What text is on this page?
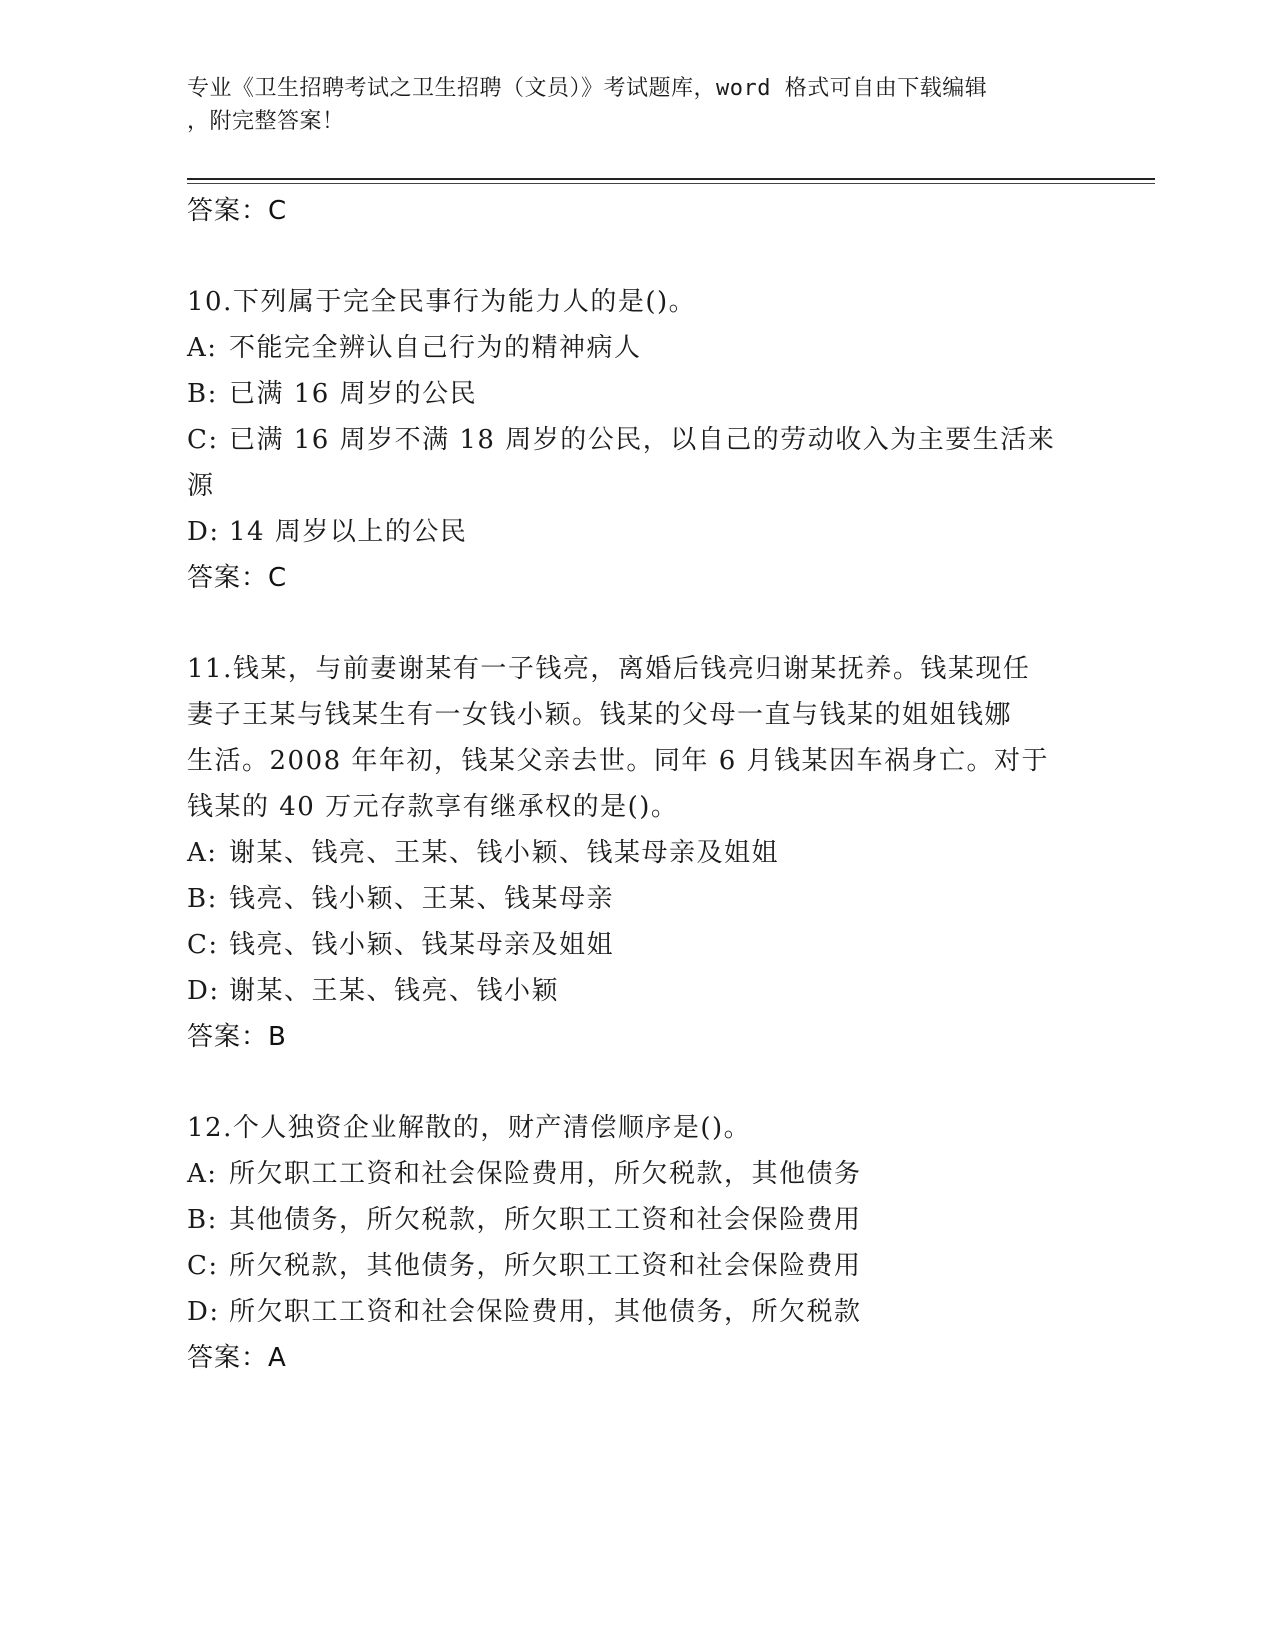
专业《卫生招聘考试之卫生招聘（文员）》考试题库，word 格式可自由下载编辑
，附完整答案！
答案：C
10.下列属于完全民事行为能力人的是()。
A: 不能完全辨认自己行为的精神病人
B: 已满 16 周岁的公民
C: 已满 16 周岁不满 18 周岁的公民，以自己的劳动收入为主要生活来
源
D: 14 周岁以上的公民
答案：C
11.钱某，与前妻谢某有一子钱亮，离婚后钱亮归谢某抚养。钱某现任
妻子王某与钱某生有一女钱小颖。钱某的父母一直与钱某的姐姐钱娜
生活。2008 年年初，钱某父亲去世。同年 6 月钱某因车祸身亡。对于
钱某的 40 万元存款享有继承权的是()。
A: 谢某、钱亮、王某、钱小颖、钱某母亲及姐姐
B: 钱亮、钱小颖、王某、钱某母亲
C: 钱亮、钱小颖、钱某母亲及姐姐
D: 谢某、王某、钱亮、钱小颖
答案：B
12.个人独资企业解散的，财产清偿顺序是()。
A: 所欠职工工资和社会保险费用，所欠税款，其他债务
B: 其他债务，所欠税款，所欠职工工资和社会保险费用
C: 所欠税款，其他债务，所欠职工工资和社会保险费用
D: 所欠职工工资和社会保险费用，其他债务，所欠税款
答案：A
